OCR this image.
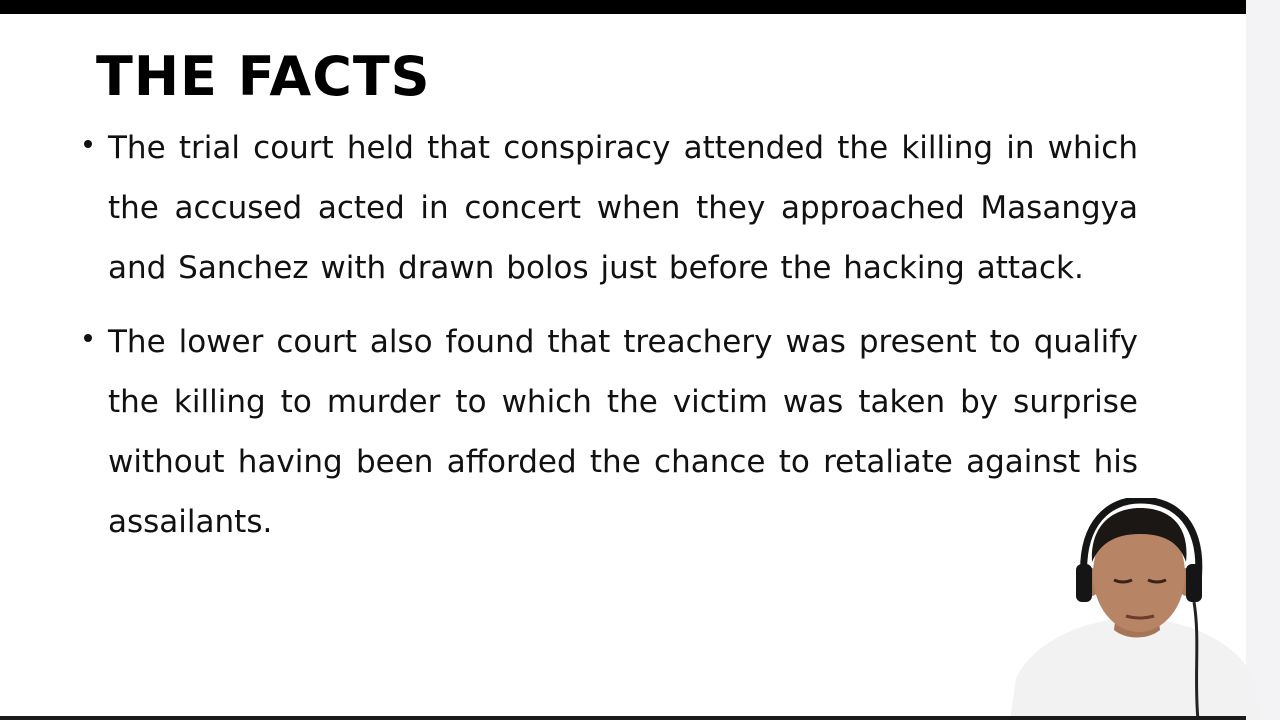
THE FACTS
The trial court held that conspiracy attended the killing in which the accused acted in concert when they approached Masangya and Sanchez with drawn bolos just before the hacking attack.
The lower court also found that treachery was present to qualify the killing to murder to which the victim was taken by surprise without having been afforded the chance to retaliate against his assailants.
